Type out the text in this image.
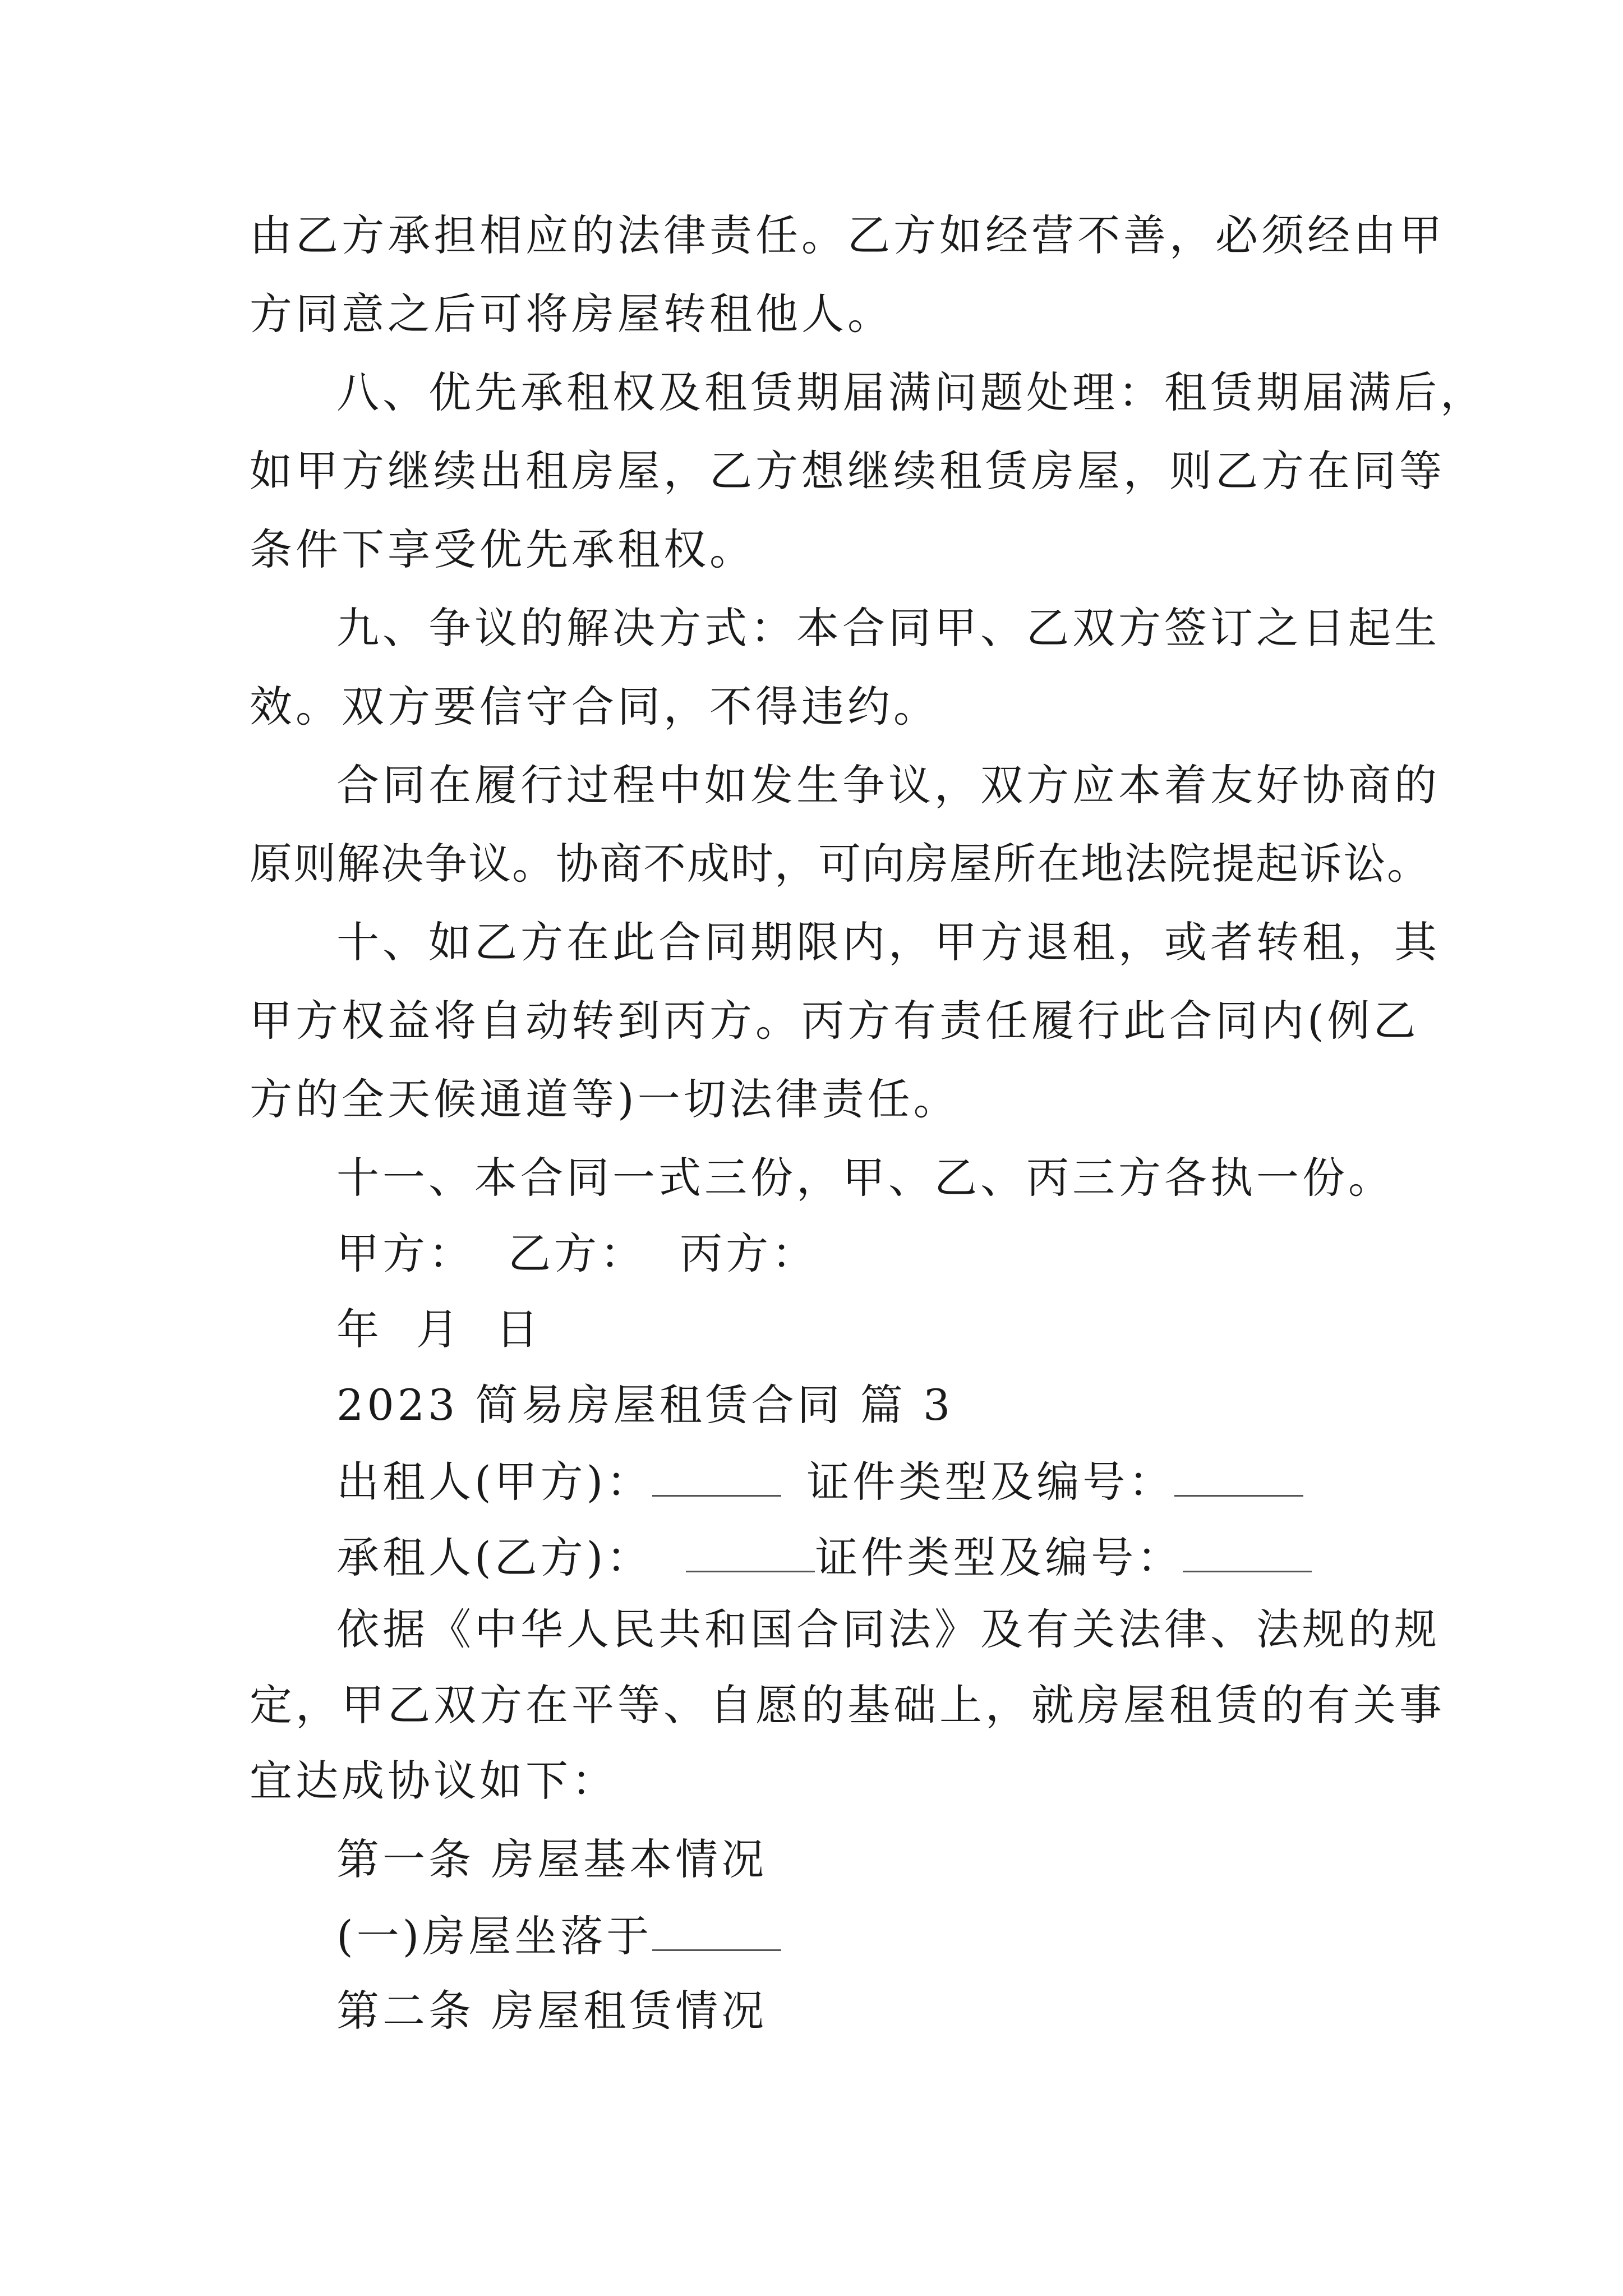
由乙方承担相应的法律责任。乙方如经营不善，必须经由甲
方同意之后可将房屋转租他人。
八、优先承租权及租赁期届满问题处理：租赁期届满后，
如甲方继续出租房屋，乙方想继续租赁房屋，则乙方在同等
条件下享受优先承租权。
九、争议的解决方式：本合同甲、乙双方签订之日起生
效。双方要信守合同，不得违约。
合同在履行过程中如发生争议，双方应本着友好协商的
原则解决争议。协商不成时，可向房屋所在地法院提起诉讼。
十、如乙方在此合同期限内，甲方退租，或者转租，其
甲方权益将自动转到丙方。丙方有责任履行此合同内(例乙
方的全天候通道等)一切法律责任。
十一、本合同一式三份，甲、乙、丙三方各执一份。
甲方： 乙方： 丙方：
年 月 日
2023 简易房屋租赁合同 篇 3
出租人(甲方)：	证件类型及编号：
承租人(乙方)：	证件类型及编号：
依据《中华人民共和国合同法》及有关法律、法规的规
定，甲乙双方在平等、自愿的基础上，就房屋租赁的有关事
宜达成协议如下：
第一条 房屋基本情况
(一)房屋坐落于
第二条 房屋租赁情况
